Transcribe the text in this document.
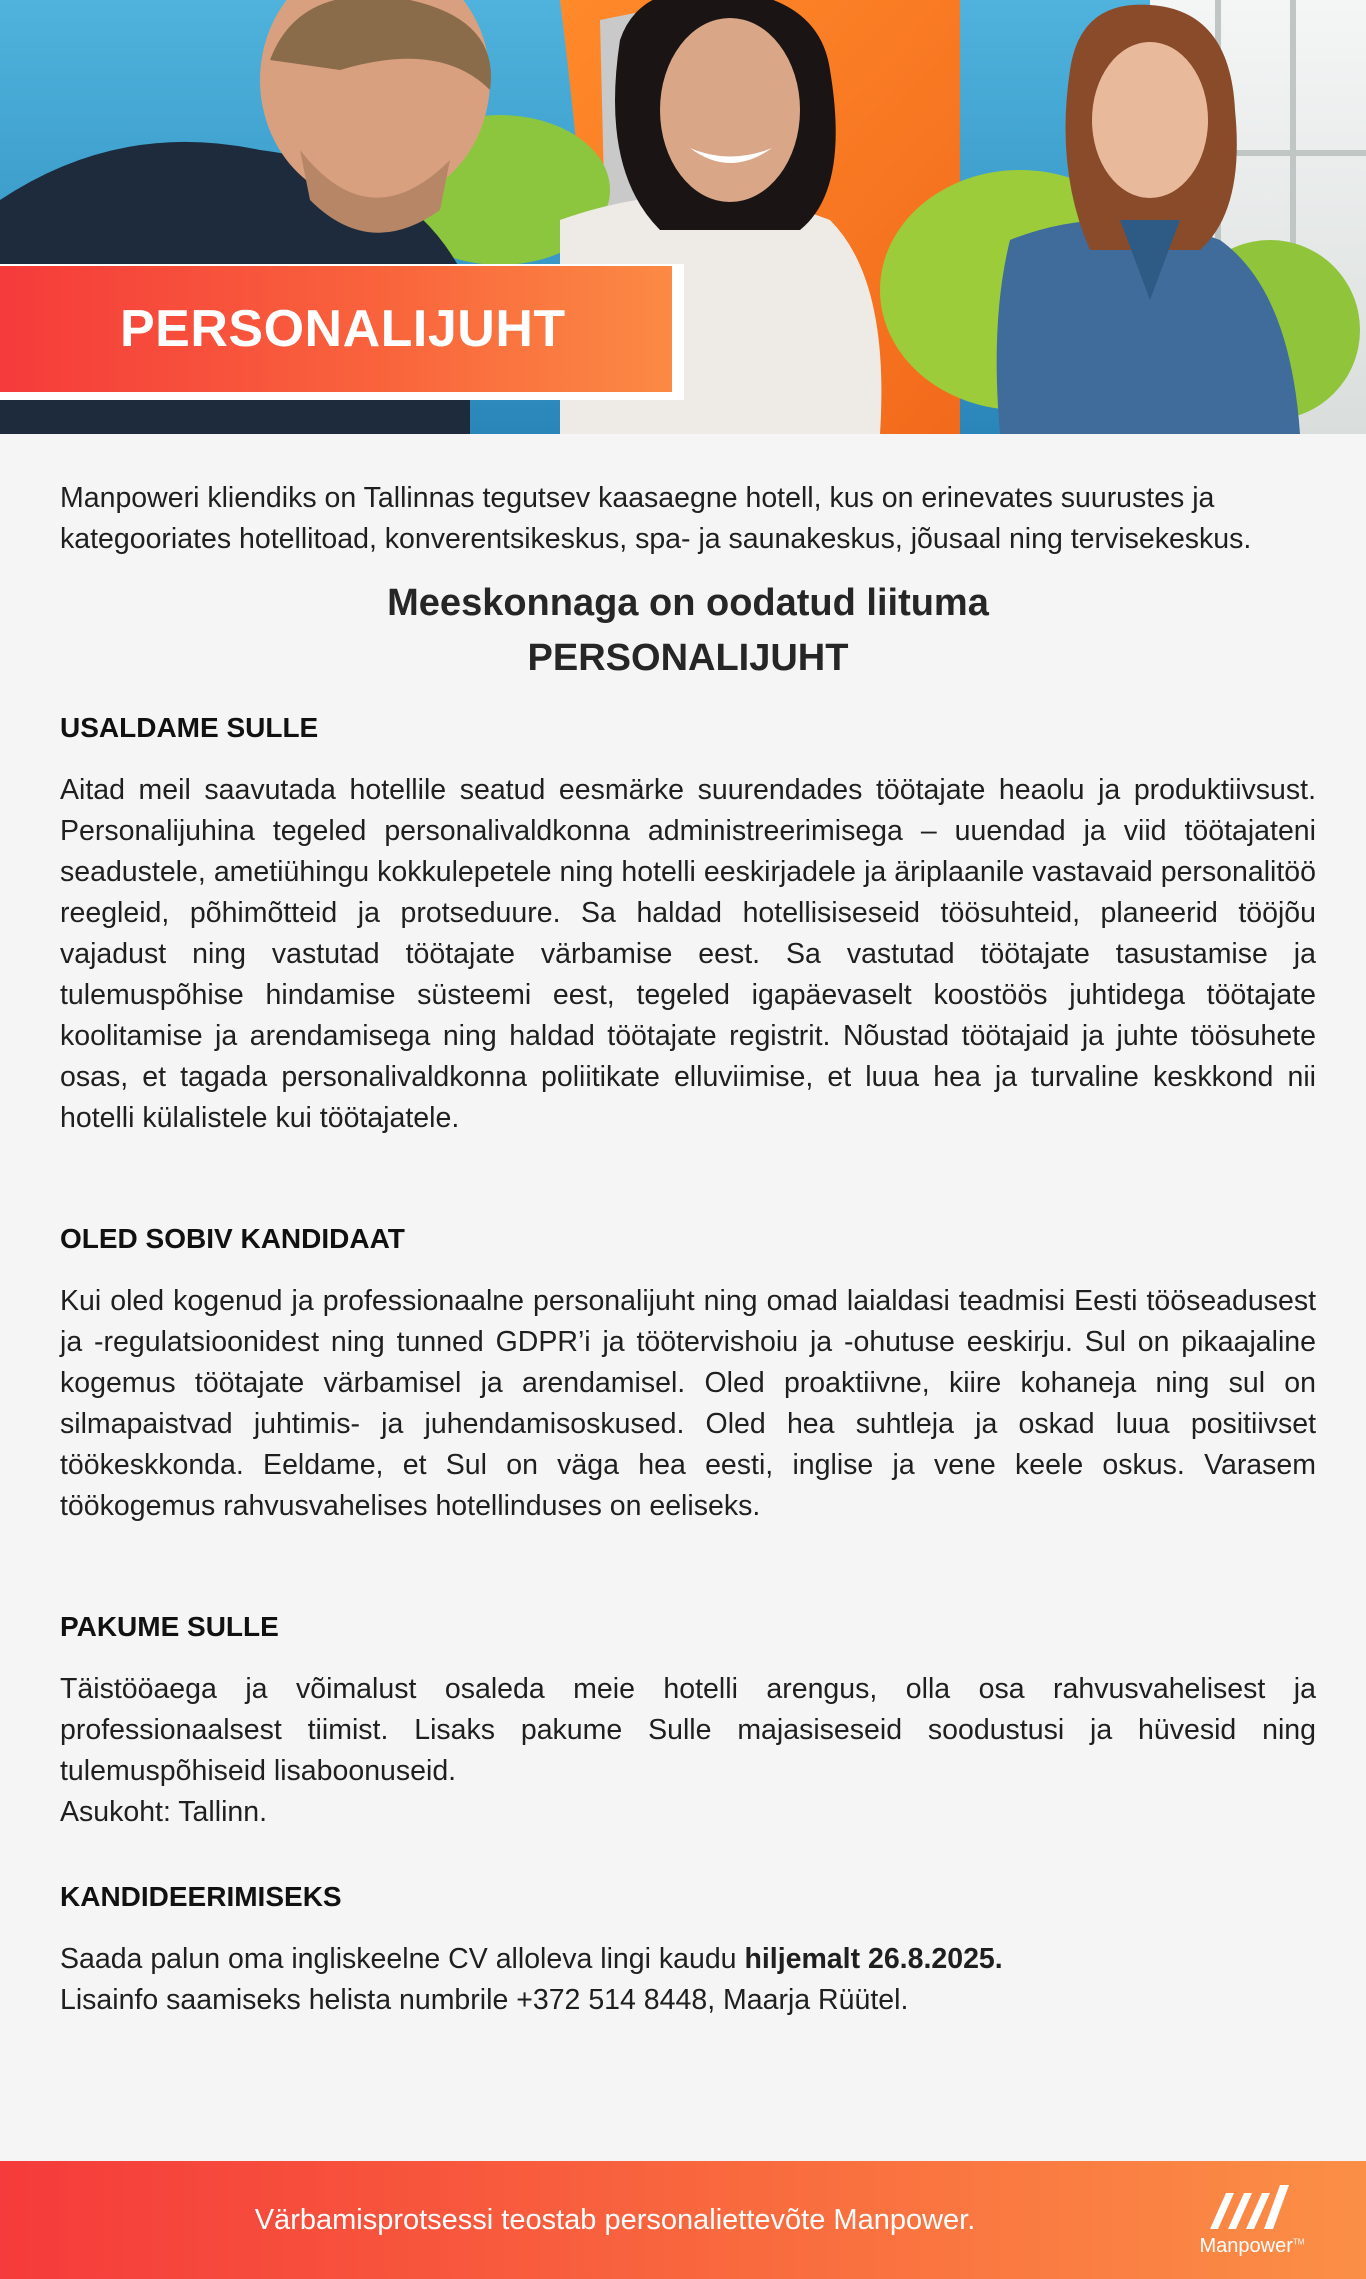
PERSONALIJUHT

Manpoweri kliendiks on Tallinnas tegutsev kaasaegne hotell, kus on erinevates suurustes ja kategooriates hotellitoad, konverentsikeskus, spa- ja saunakeskus, jõusaal ning tervisekeskus.

Meeskonnaga on oodatud liituma
PERSONALIJUHT
USALDAME SULLE

Aitad meil saavutada hotellile seatud eesmärke suurendades töötajate heaolu ja produktiivsust. Personalijuhina tegeled personalivaldkonna administreerimisega – uuendad ja viid töötajateni seadustele, ametiühingu kokkulepetele ning hotelli eeskirjadele ja äriplaanile vastavaid personalitöö reegleid, põhimõtteid ja protseduure. Sa haldad hotellisiseseid töösuhteid, planeerid tööjõu vajadust ning vastutad töötajate värbamise eest. Sa vastutad töötajate tasustamise ja tulemuspõhise hindamise süsteemi eest, tegeled igapäevaselt koostöös juhtidega töötajate koolitamise ja arendamisega ning haldad töötajate registrit. Nõustad töötajaid ja juhte töösuhete osas, et tagada personalivaldkonna poliitikate elluviimise, et luua hea ja turvaline keskkond nii hotelli külalistele kui töötajatele.

OLED SOBIV KANDIDAAT

Kui oled kogenud ja professionaalne personalijuht ning omad laialdasi teadmisi Eesti tööseadusest ja -regulatsioonidest ning tunned GDPR’i ja töötervishoiu ja -ohutuse eeskirju. Sul on pikaajaline kogemus töötajate värbamisel ja arendamisel. Oled proaktiivne, kiire kohaneja ning sul on silmapaistvad juhtimis- ja juhendamisoskused. Oled hea suhtleja ja oskad luua positiivset töökeskkonda. Eeldame, et Sul on väga hea eesti, inglise ja vene keele oskus. Varasem töökogemus rahvusvahelises hotellinduses on eeliseks.

PAKUME SULLE

Täistööaega ja võimalust osaleda meie hotelli arengus, olla osa rahvusvahelisest ja professionaalsest tiimist. Lisaks pakume Sulle majasiseseid soodustusi ja hüvesid ning tulemuspõhiseid lisaboonuseid.

Asukoht: Tallinn.

KANDIDEERIMISEKS

Saada palun oma ingliskeelne CV alloleva lingi kaudu hiljemalt 26.8.2025.

Lisainfo saamiseks helista numbrile +372 514 8448, Maarja Rüütel.

Värbamisprotsessi teostab personaliettevõte Manpower.
Manpower™
